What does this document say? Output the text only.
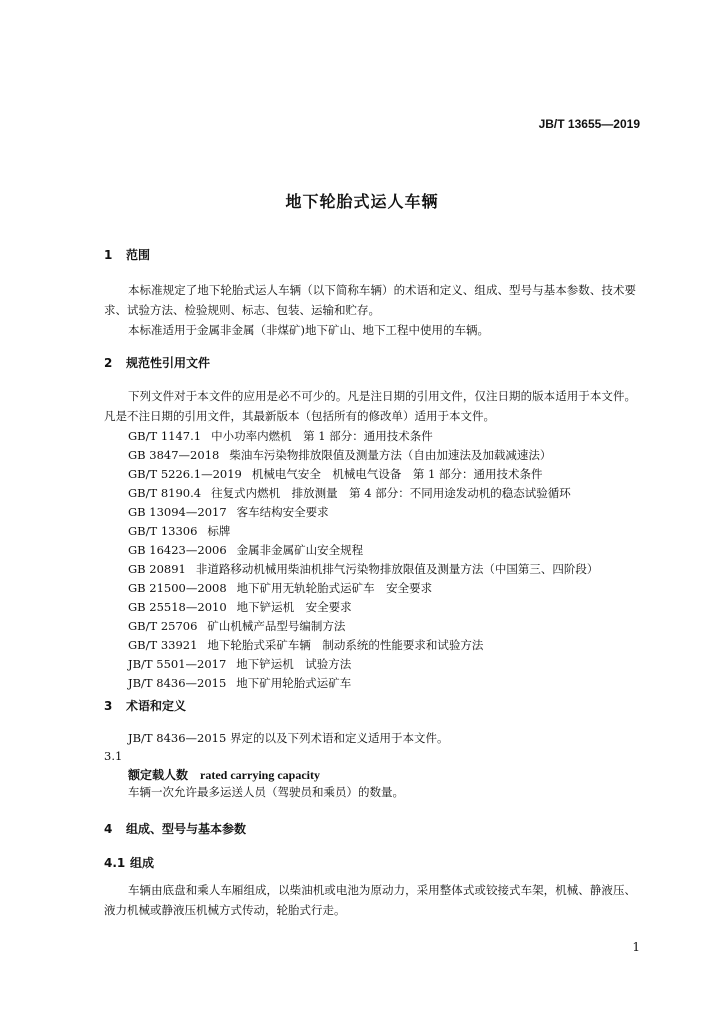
JB/T 13655—2019
地下轮胎式运人车辆
1 范围
本标准规定了地下轮胎式运人车辆（以下简称车辆）的术语和定义、组成、型号与基本参数、技术要求、试验方法、检验规则、标志、包装、运输和贮存。
本标准适用于金属非金属（非煤矿)地下矿山、地下工程中使用的车辆。
2 规范性引用文件
下列文件对于本文件的应用是必不可少的。凡是注日期的引用文件，仅注日期的版本适用于本文件。凡是不注日期的引用文件，其最新版本（包括所有的修改单）适用于本文件。
GB/T 1147.1 中小功率内燃机　第 1 部分：通用技术条件
GB 3847—2018 柴油车污染物排放限值及测量方法（自由加速法及加载减速法）
GB/T 5226.1—2019 机械电气安全　机械电气设备　第 1 部分：通用技术条件
GB/T 8190.4 往复式内燃机　排放测量　第 4 部分：不同用途发动机的稳态试验循环
GB 13094—2017 客车结构安全要求
GB/T 13306 标牌
GB 16423—2006 金属非金属矿山安全规程
GB 20891 非道路移动机械用柴油机排气污染物排放限值及测量方法（中国第三、四阶段）
GB 21500—2008 地下矿用无轨轮胎式运矿车　安全要求
GB 25518—2010 地下铲运机　安全要求
GB/T 25706 矿山机械产品型号编制方法
GB/T 33921 地下轮胎式采矿车辆　制动系统的性能要求和试验方法
JB/T 5501—2017 地下铲运机　试验方法
JB/T 8436—2015 地下矿用轮胎式运矿车
3 术语和定义
JB/T 8436—2015 界定的以及下列术语和定义适用于本文件。
3.1
额定载人数 rated carrying capacity
车辆一次允许最多运送人员（驾驶员和乘员）的数量。
4 组成、型号与基本参数
4.1 组成
车辆由底盘和乘人车厢组成，以柴油机或电池为原动力，采用整体式或铰接式车架，机械、静液压、液力机械或静液压机械方式传动，轮胎式行走。
1
